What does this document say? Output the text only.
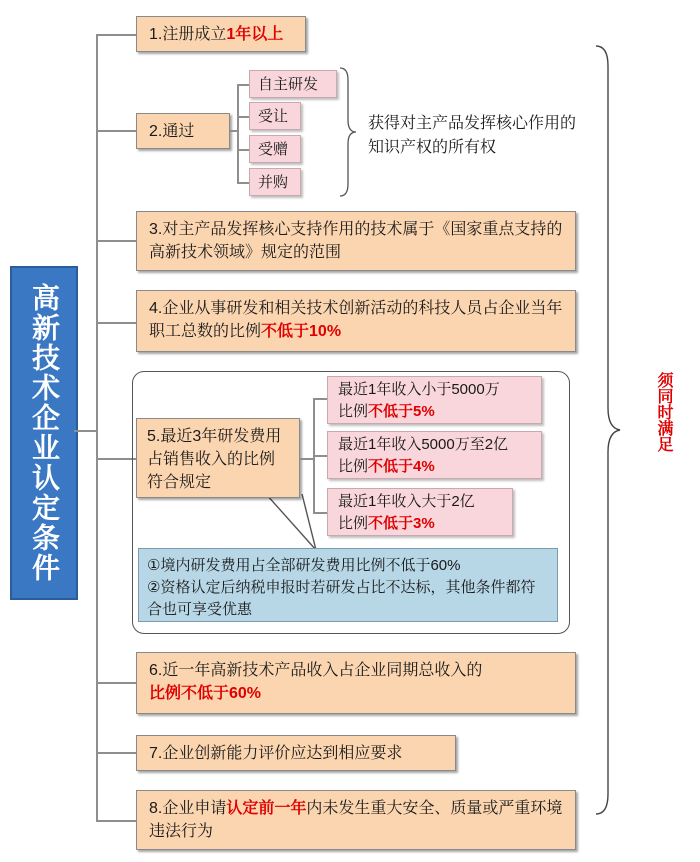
高新技术企业认定条件
1.注册成立1年以上
2.通过
自主研发
受让
受赠
并购
获得对主产品发挥核心作用的知识产权的所有权
3.对主产品发挥核心支持作用的技术属于《国家重点支持的高新技术领域》规定的范围
4.企业从事研发和相关技术创新活动的科技人员占企业当年职工总数的比例不低于10%
5.最近3年研发费用占销售收入的比例符合规定
最近1年收入小于5000万
比例不低于5%
最近1年收入5000万至2亿
比例不低于4%
最近1年收入大于2亿
比例不低于3%
①境内研发费用占全部研发费用比例不低于60%
②资格认定后纳税申报时若研发占比不达标，其他条件都符合也可享受优惠
6.近一年高新技术产品收入占企业同期总收入的
比例不低于60%
7.企业创新能力评价应达到相应要求
8.企业申请认定前一年内未发生重大安全、质量或严重环境违法行为
须同时满足
